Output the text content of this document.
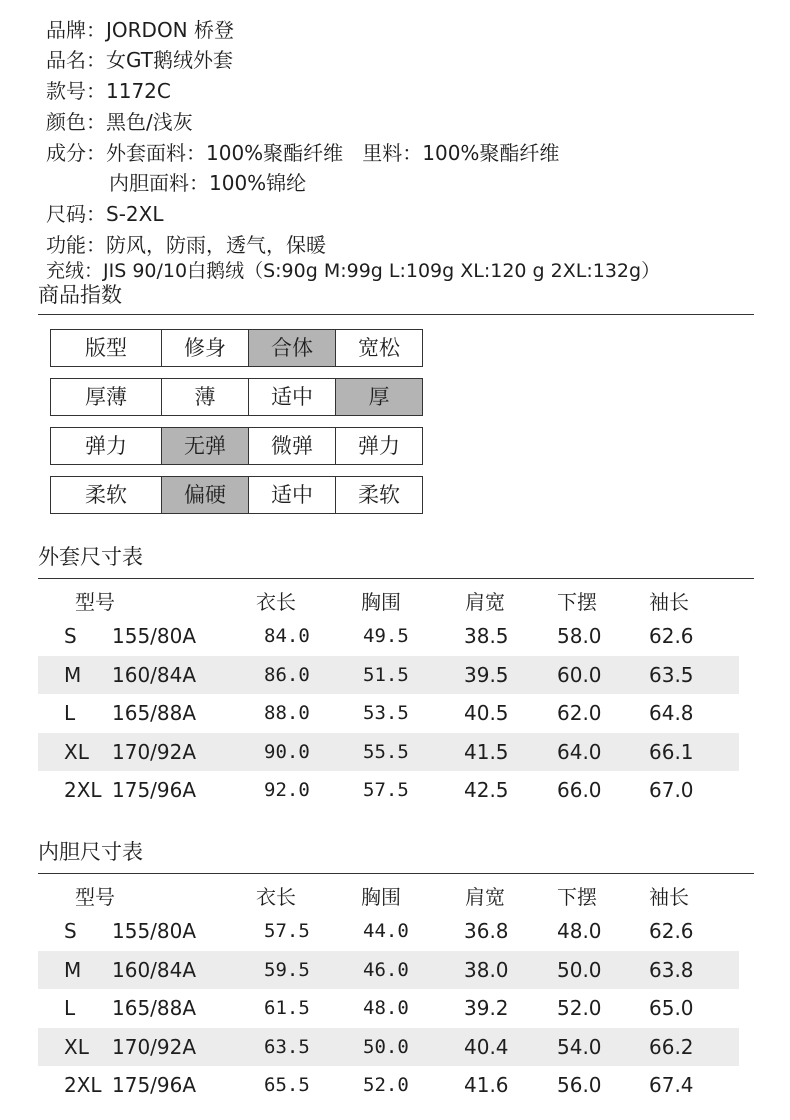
品牌：JORDON 桥登
品名：女GT鹅绒外套
款号：1172C
颜色：黑色/浅灰
成分：外套面料：100%聚酯纤维   里料：100%聚酯纤维
内胆面料：100%锦纶
尺码：S-2XL
功能：防风，防雨，透气，保暖
充绒：JIS 90/10白鹅绒（S:90g M:99g L:109g XL:120 g 2XL:132g）
商品指数
版型	修身	合体	宽松
厚薄	薄	适中	厚
弹力	无弹	微弹	弹力
柔软	偏硬	适中	柔软
外套尺寸表
型号	衣长	胸围	肩宽	下摆	袖长
S 155/80A	84.0	49.5	38.5 58.0 62.6
M 160/84A	86.0	51.5	39.5 60.0 63.5
L 165/88A	88.0	53.5	40.5 62.0 64.8
XL 170/92A	90.0	55.5	41.5 64.0 66.1
2XL 175/96A	92.0	57.5	42.5 66.0 67.0
内胆尺寸表
型号	衣长	胸围	肩宽	下摆	袖长
S 155/80A	57.5	44.0	36.8 48.0 62.6
M 160/84A	59.5	46.0	38.0 50.0 63.8
L 165/88A	61.5	48.0	39.2 52.0 65.0
XL 170/92A	63.5	50.0	40.4 54.0 66.2
2XL 175/96A	65.5	52.0	41.6 56.0 67.4
